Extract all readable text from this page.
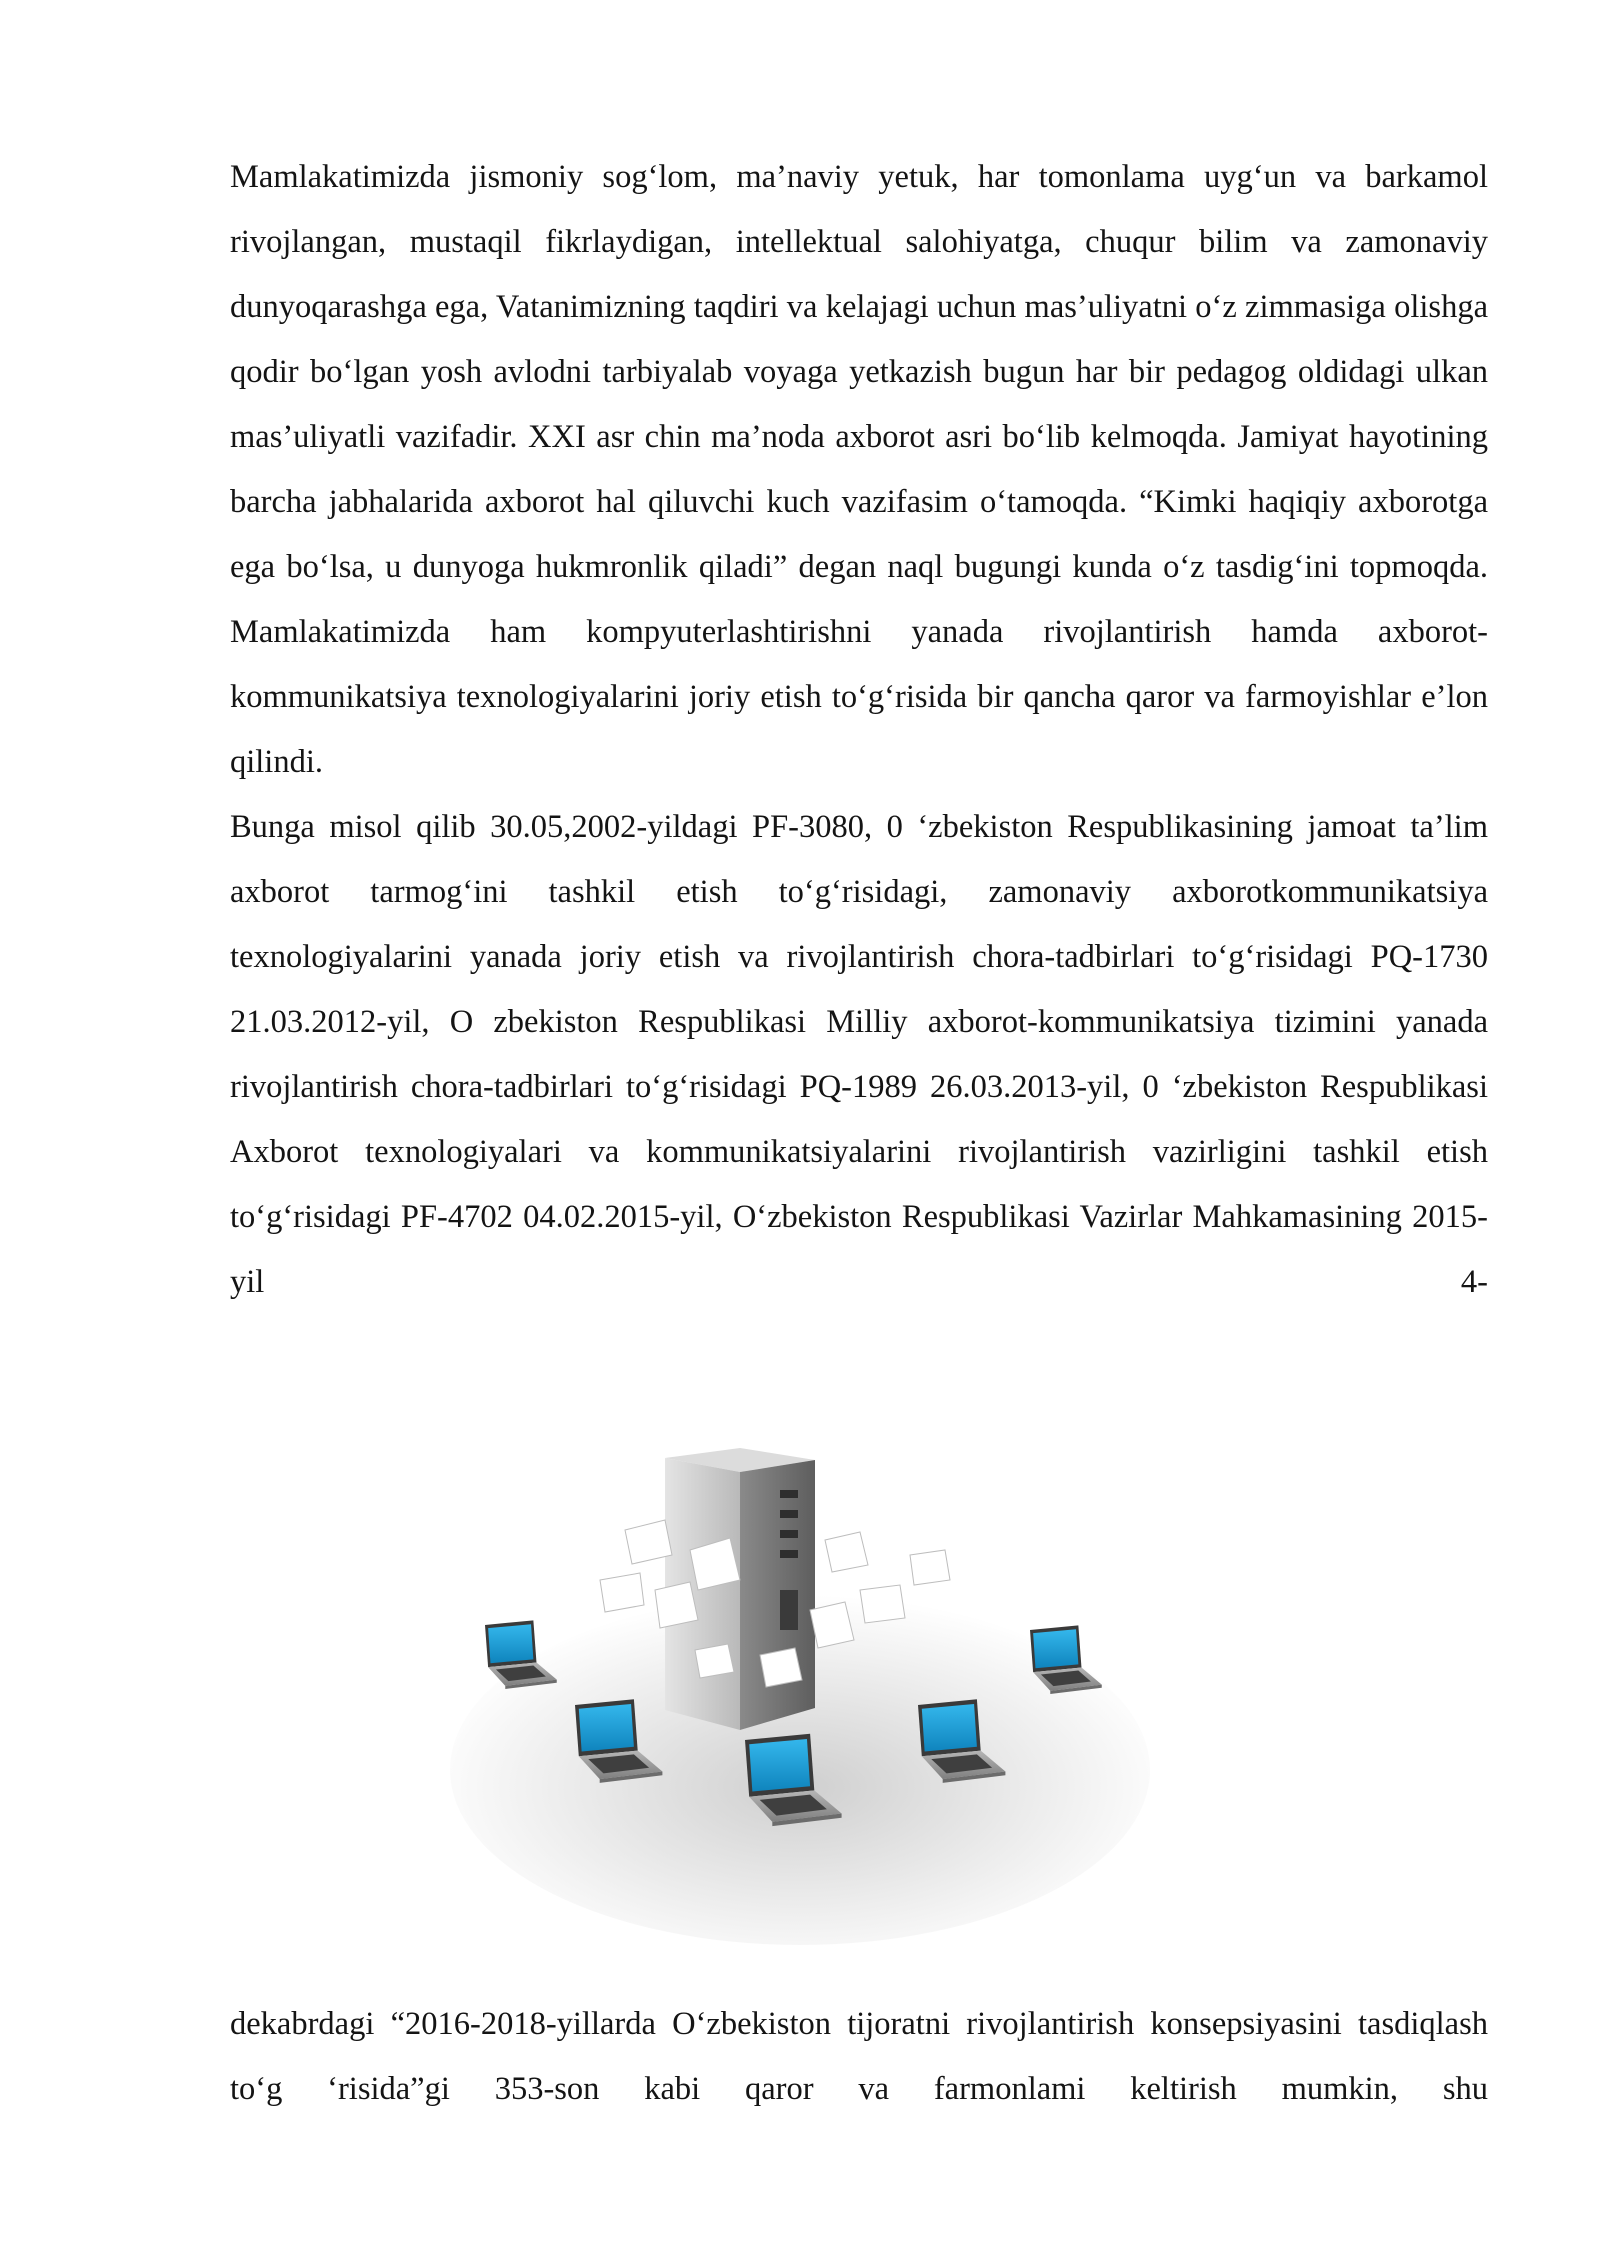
Mamlakatimizda jismoniy sog‘lom, ma’naviy yetuk, har tomonlama uyg‘un va barkamol rivojlangan, mustaqil fikrlaydigan, intellektual salohiyatga, chuqur bilim va zamonaviy dunyoqarashga ega, Vatanimizning taqdiri va kelajagi uchun mas’uliyatni o‘z zimmasiga olishga qodir bo‘lgan yosh avlodni tarbiyalab voyaga yetkazish bugun har bir pedagog oldidagi ulkan mas’uliyatli vazifadir. XXI asr chin ma’noda axborot asri bo‘lib kelmoqda. Jamiyat hayotining barcha jabhalarida axborot hal qiluvchi kuch vazifasim o‘tamoqda. “Kimki haqiqiy axborotga ega bo‘lsa, u dunyoga hukmronlik qiladi” degan naql bugungi kunda o‘z tasdig‘ini topmoqda. Mamlakatimizda ham kompyuterlashtirishni yanada rivojlantirish hamda axborot-kommunikatsiya texnologiyalarini joriy etish to‘g‘risida bir qancha qaror va farmoyishlar e’lon qilindi.

Bunga misol qilib 30.05,2002-yildagi PF-3080, 0 ‘zbekiston Respublikasining jamoat ta’lim axborot tarmog‘ini tashkil etish to‘g‘risidagi, zamonaviy axborotkommunikatsiya texnologiyalarini yanada joriy etish va rivojlantirish chora-tadbirlari to‘g‘risidagi PQ-1730 21.03.2012-yil, O zbekiston Respublikasi Milliy axborot-kommunikatsiya tizimini yanada rivojlantirish chora-tadbirlari to‘g‘risidagi PQ-1989 26.03.2013-yil, 0 ‘zbekiston Respublikasi Axborot texnologiyalari va kommunikatsiyalarini rivojlantirish vazirligini tashkil etish to‘g‘risidagi PF-4702 04.02.2015-yil, O‘zbekiston Respublikasi Vazirlar Mahkamasining 2015-yil 4-

dekabrdagi “2016-2018-yillarda O‘zbekiston tijoratni rivojlantirish konsepsiyasini tasdiqlash to‘g ‘risida”gi 353-son kabi qaror va farmonlami keltirish mumkin, shu
